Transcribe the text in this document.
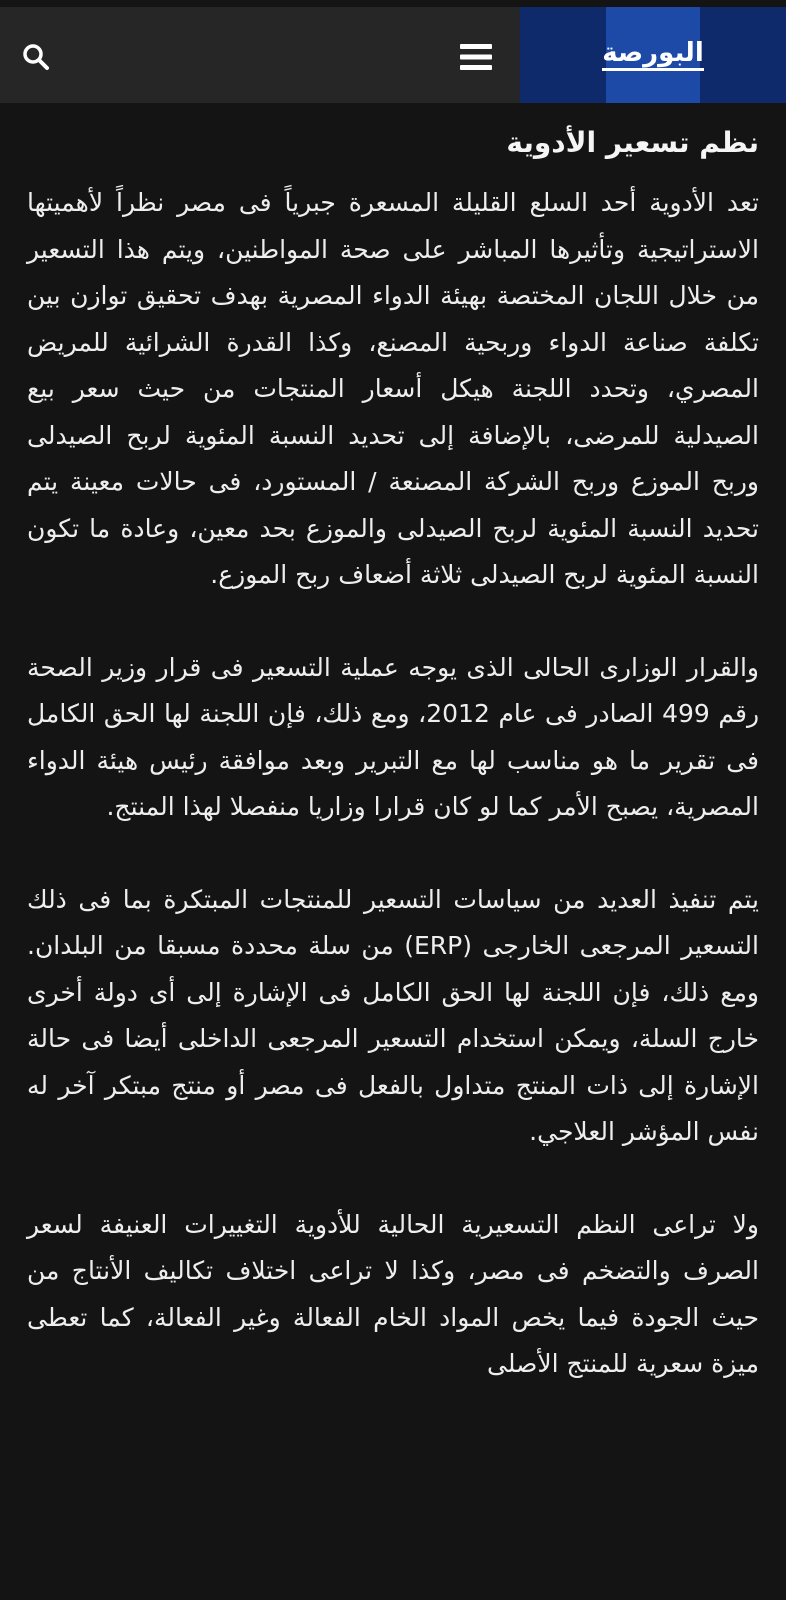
البورصة
نظم تسعير الأدوية

تعد الأدوية أحد السلع القليلة المسعرة جبرياً فى مصر نظراً لأهميتها الاستراتيجية وتأثيرها المباشر على صحة المواطنين، ويتم هذا التسعير من خلال اللجان المختصة بهيئة الدواء المصرية بهدف تحقيق توازن بين تكلفة صناعة الدواء وربحية المصنع، وكذا القدرة الشرائية للمريض المصري، وتحدد اللجنة هيكل أسعار المنتجات من حيث سعر بيع الصيدلية للمرضى، بالإضافة إلى تحديد النسبة المئوية لربح الصيدلى وربح الموزع وربح الشركة المصنعة / المستورد، فى حالات معينة يتم تحديد النسبة المئوية لربح الصيدلى والموزع بحد معين، وعادة ما تكون النسبة المئوية لربح الصيدلى ثلاثة أضعاف ربح الموزع.

والقرار الوزارى الحالى الذى يوجه عملية التسعير فى قرار وزير الصحة رقم 499 الصادر فى عام 2012، ومع ذلك، فإن اللجنة لها الحق الكامل فى تقرير ما هو مناسب لها مع التبرير وبعد موافقة رئيس هيئة الدواء المصرية، يصبح الأمر كما لو كان قرارا وزاريا منفصلا لهذا المنتج.

يتم تنفيذ العديد من سياسات التسعير للمنتجات المبتكرة بما فى ذلك التسعير المرجعى الخارجى (ERP) من سلة محددة مسبقا من البلدان. ومع ذلك، فإن اللجنة لها الحق الكامل فى الإشارة إلى أى دولة أخرى خارج السلة، ويمكن استخدام التسعير المرجعى الداخلى أيضا فى حالة الإشارة إلى ذات المنتج متداول بالفعل فى مصر أو منتج مبتكر آخر له نفس المؤشر العلاجي.

ولا تراعى النظم التسعيرية الحالية للأدوية التغييرات العنيفة لسعر الصرف والتضخم فى مصر، وكذا لا تراعى اختلاف تكاليف الأنتاج من حيث الجودة فيما يخص المواد الخام الفعالة وغير الفعالة، كما تعطى ميزة سعرية للمنتج الأصلى
